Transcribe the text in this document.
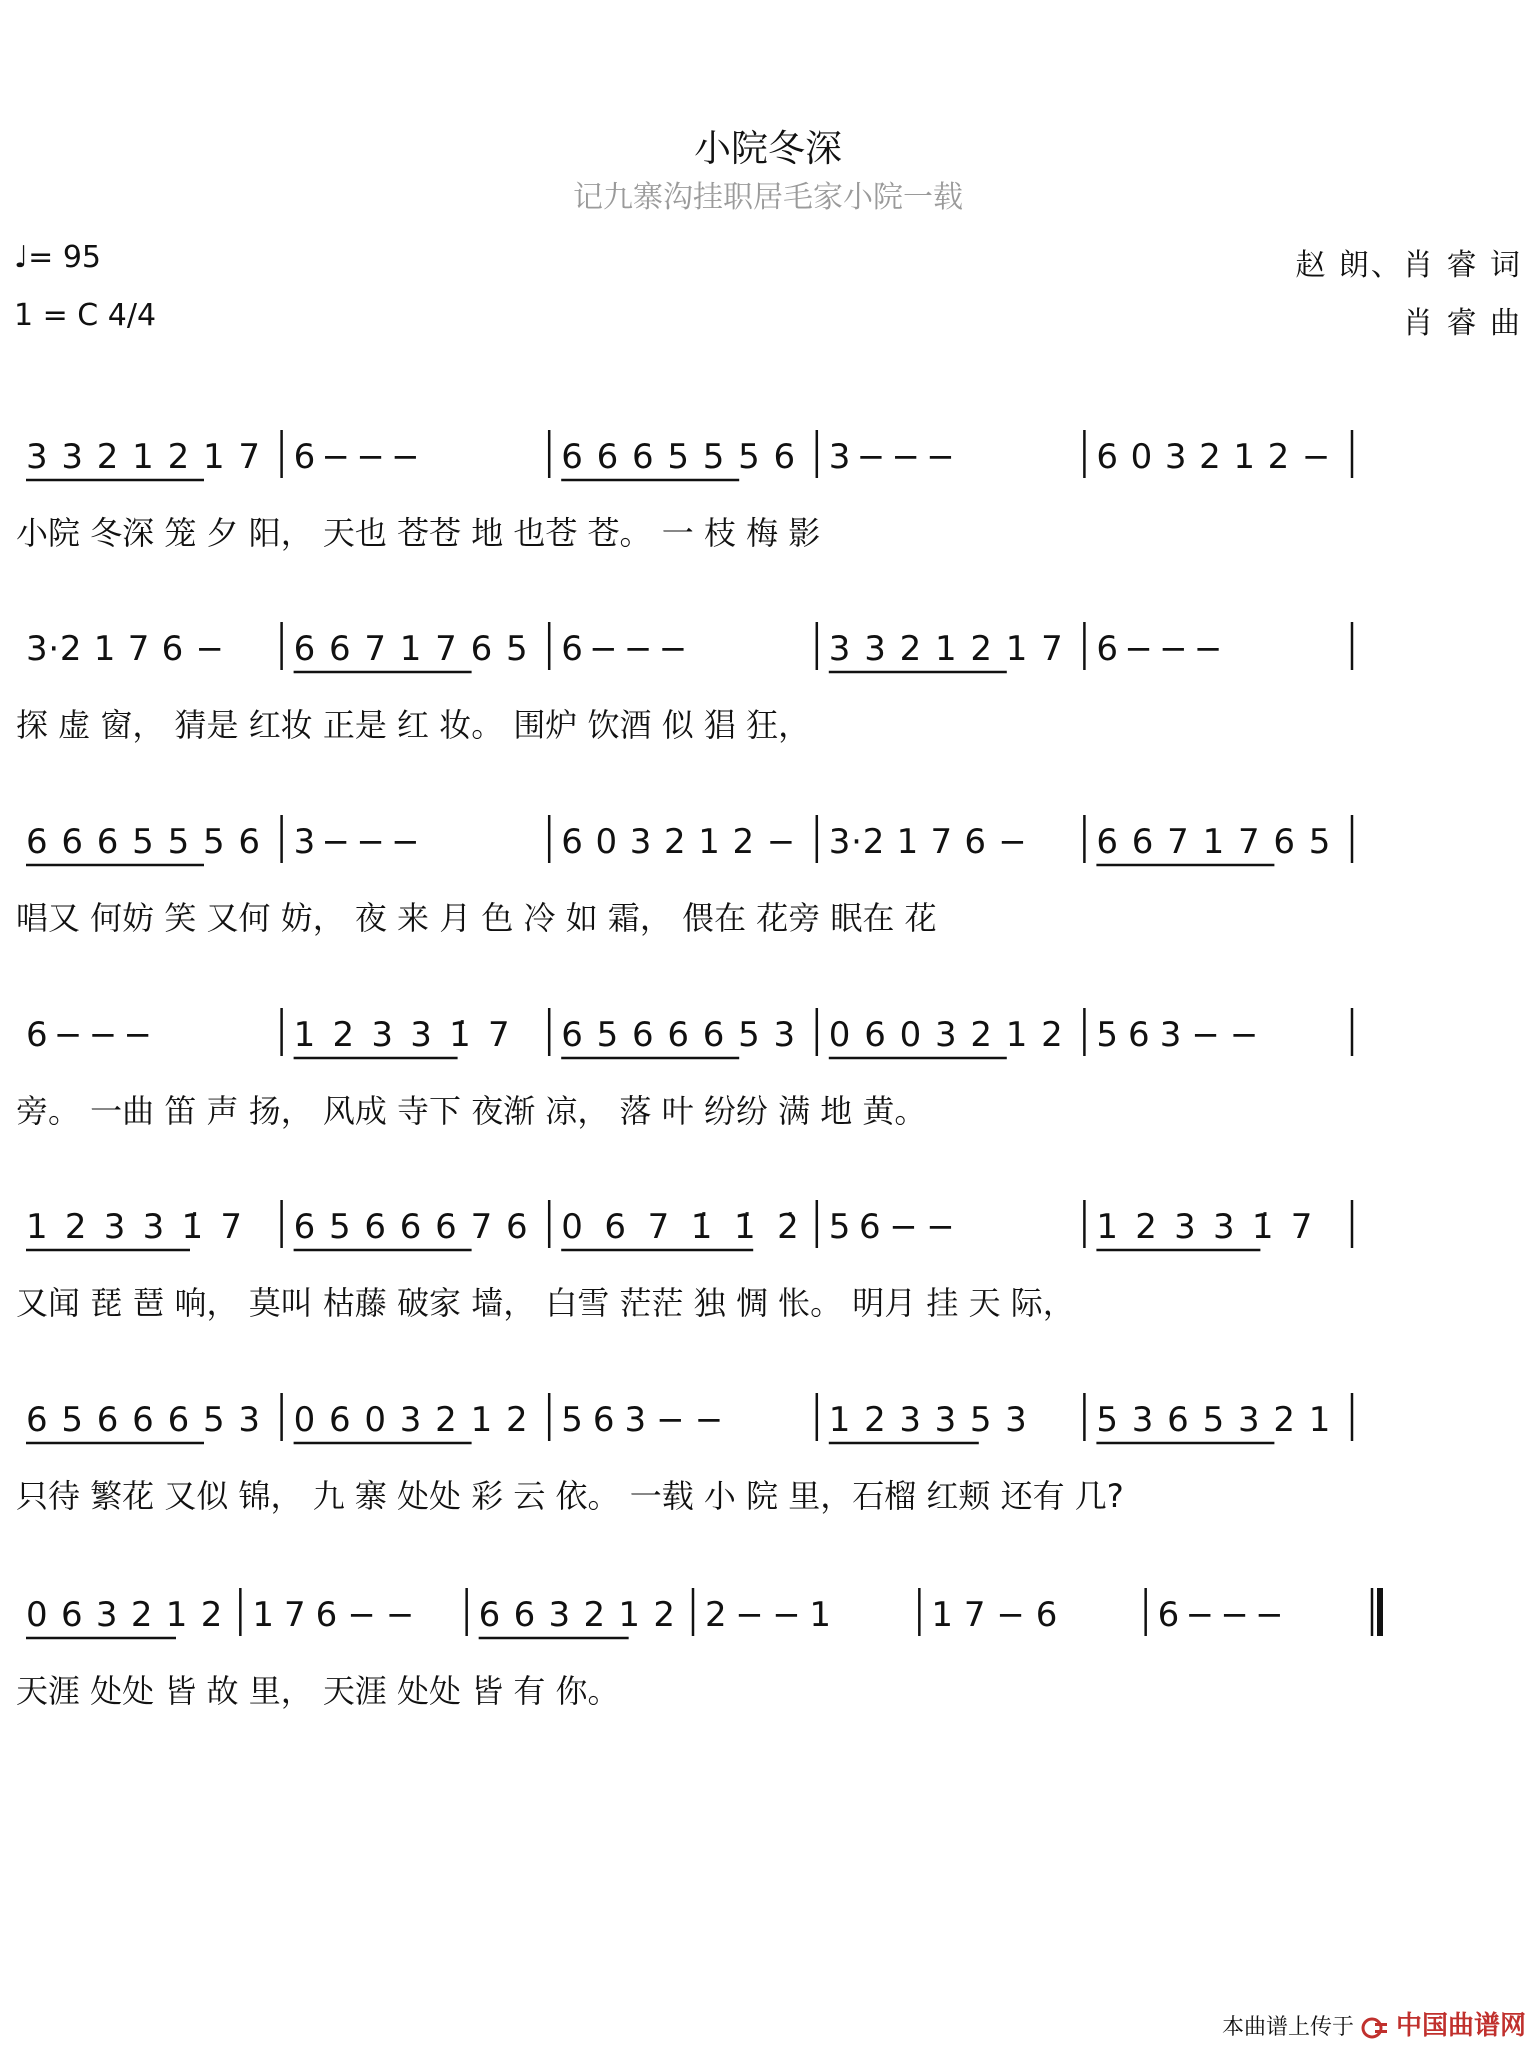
小院冬深
记九寨沟挂职居毛家小院一载
♩= 95
1 = C 4/4
赵 朗、肖 睿 词
肖 睿 曲
3 3 2 1 2 1 7 6 − − −	6 6 6 5 5 5 6 3 − − −	6 0 3 2 1 2 −
小院 冬深 笼 夕 阳， 天也 苍苍 地 也苍 苍。 一 枝 梅 影
3·2 1 7 6 − 6 6 7 1 7 6 5 6 − − −	3 3 2 1 2 1 7 6 − − −
探 虚 窗， 猜是 红妆 正是 红 妆。 围炉 饮酒 似 猖 狂，
6 6 6 5 5 5 6 3 − − −	6 0 3 2 1 2 − 3·2 1 7 6 − 6 6 7 1 7 6 5
唱又 何妨 笑 又何 妨， 夜 来 月 色 冷 如 霜， 偎在 花旁 眠在 花
6 − − −	1 2 3 3 1̇ 7 6 5 6 6 6 5 3 0 6 0 3 2 1 2 5 6 3 − −
旁。 一曲 笛 声 扬， 风成 寺下 夜渐 凉， 落 叶 纷纷 满 地 黄。
1 2 3 3 1̇ 7 6 5 6 6 6 7 6 0 6 7 1̇ 1̇ 2̇ 5 6 − −	1 2 3 3 1̇ 7
又闻 琵 琶 响， 莫叫 枯藤 破家 墙， 白雪 茫茫 独 惆 怅。 明月 挂 天 际，
6 5 6 6 6 5 3 0 6 0 3 2 1 2 5 6 3 − −	1 2 3 3 5 3 5 3 6 5 3 2 1
只待 繁花 又似 锦， 九 寨 处处 彩 云 依。 一载 小 院 里，石榴 红颊 还有 几?
0 6 3 2 1 2 1 7 6 − − 6 6 3 2 1 2 2 − − 1	1 7 − 6	6 − − −
天涯 处处 皆 故 里， 天涯 处处 皆 有 你。
本曲谱上传于 中国曲谱网
